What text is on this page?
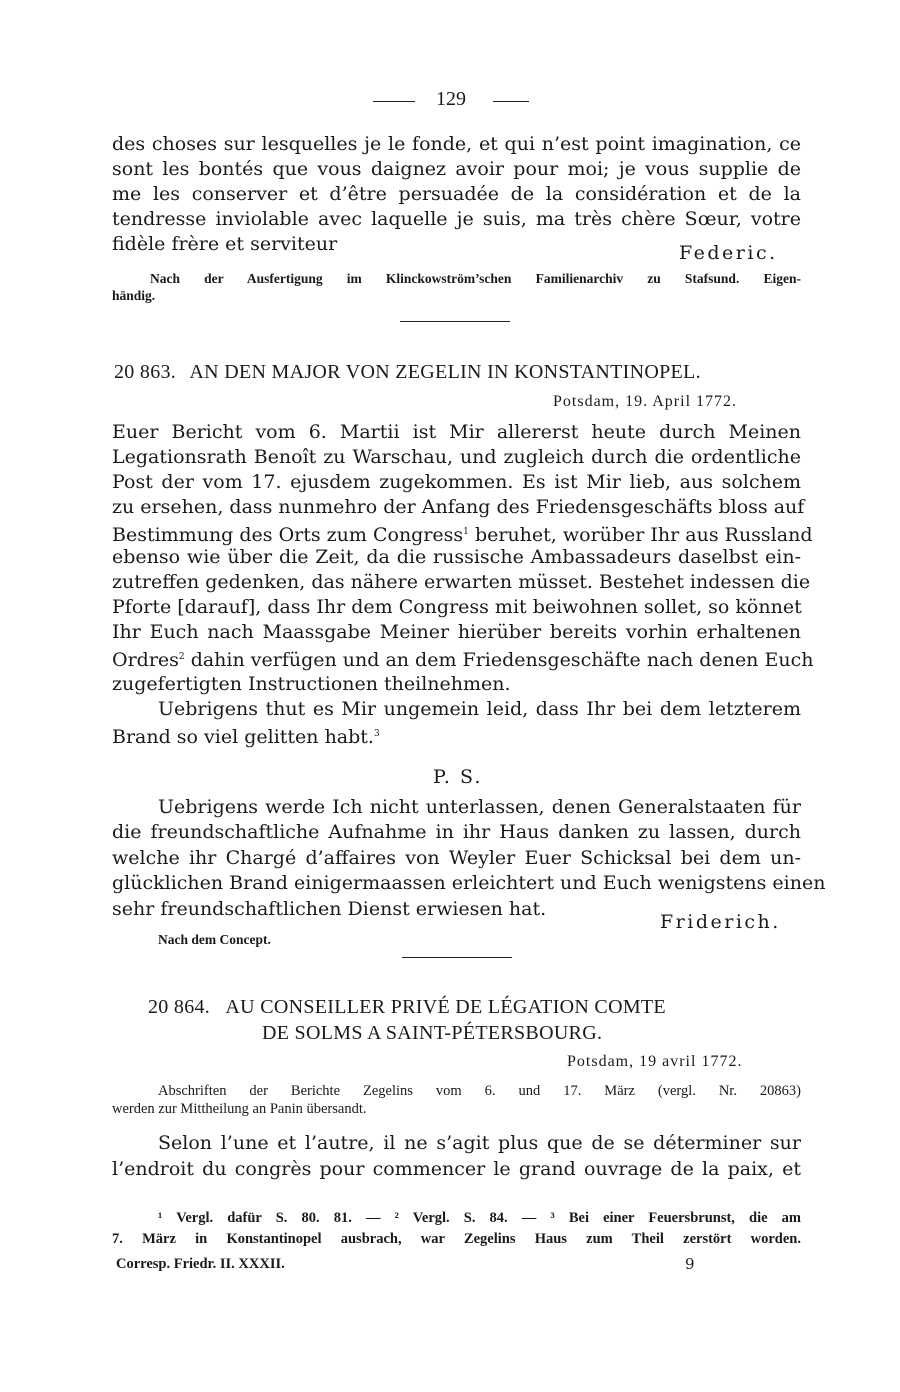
129
des choses sur lesquelles je le fonde, et qui n’est point imagination, ce
sont les bontés que vous daignez avoir pour moi; je vous supplie de
me les conserver et d’être persuadée de la considération et de la
tendresse inviolable avec laquelle je suis, ma très chère Sœur, votre
fidèle frère et serviteur	Federic.
Nach der Ausfertigung im Klinckowström’schen Familienarchiv zu Stafsund. Eigen-
händig.
20 863. AN DEN MAJOR VON ZEGELIN IN KONSTANTINOPEL.
Potsdam, 19. April 1772.
Euer Bericht vom 6. Martii ist Mir allererst heute durch Meinen
Legationsrath Benoît zu Warschau, und zugleich durch die ordentliche
Post der vom 17. ejusdem zugekommen. Es ist Mir lieb, aus solchem
zu ersehen, dass nunmehro der Anfang des Friedensgeschäfts bloss auf
Bestimmung des Orts zum Congress$^1$ beruhet, worüber Ihr aus Russland
ebenso wie über die Zeit, da die russische Ambassadeurs daselbst ein-
zutreffen gedenken, das nähere erwarten müsset. Bestehet indessen die
Pforte [darauf], dass Ihr dem Congress mit beiwohnen sollet, so könnet
Ihr Euch nach Maassgabe Meiner hierüber bereits vorhin erhaltenen
Ordres$^2$ dahin verfügen und an dem Friedensgeschäfte nach denen Euch
zugefertigten Instructionen theilnehmen.
Uebrigens thut es Mir ungemein leid, dass Ihr bei dem letzterem
Brand so viel gelitten habt.$^3$
P. S.
Uebrigens werde Ich nicht unterlassen, denen Generalstaaten für
die freundschaftliche Aufnahme in ihr Haus danken zu lassen, durch
welche ihr Chargé d’affaires von Weyler Euer Schicksal bei dem un-
glücklichen Brand einigermaassen erleichtert und Euch wenigstens einen
sehr freundschaftlichen Dienst erwiesen hat.
Friderich.
Nach dem Concept.
20 864. AU CONSEILLER PRIVÉ DE LÉGATION COMTE
DE SOLMS A SAINT-PÉTERSBOURG.
Potsdam, 19 avril 1772.
Abschriften der Berichte Zegelins vom 6. und 17. März (vergl. Nr. 20863)
werden zur Mittheilung an Panin übersandt.
Selon l’une et l’autre, il ne s’agit plus que de se déterminer sur
l’endroit du congrès pour commencer le grand ouvrage de la paix, et
¹ Vergl. dafür S. 80. 81. — ² Vergl. S. 84. — ³ Bei einer Feuersbrunst, die am
7. März in Konstantinopel ausbrach, war Zegelins Haus zum Theil zerstört worden.
Corresp. Friedr. II. XXXII.	9
